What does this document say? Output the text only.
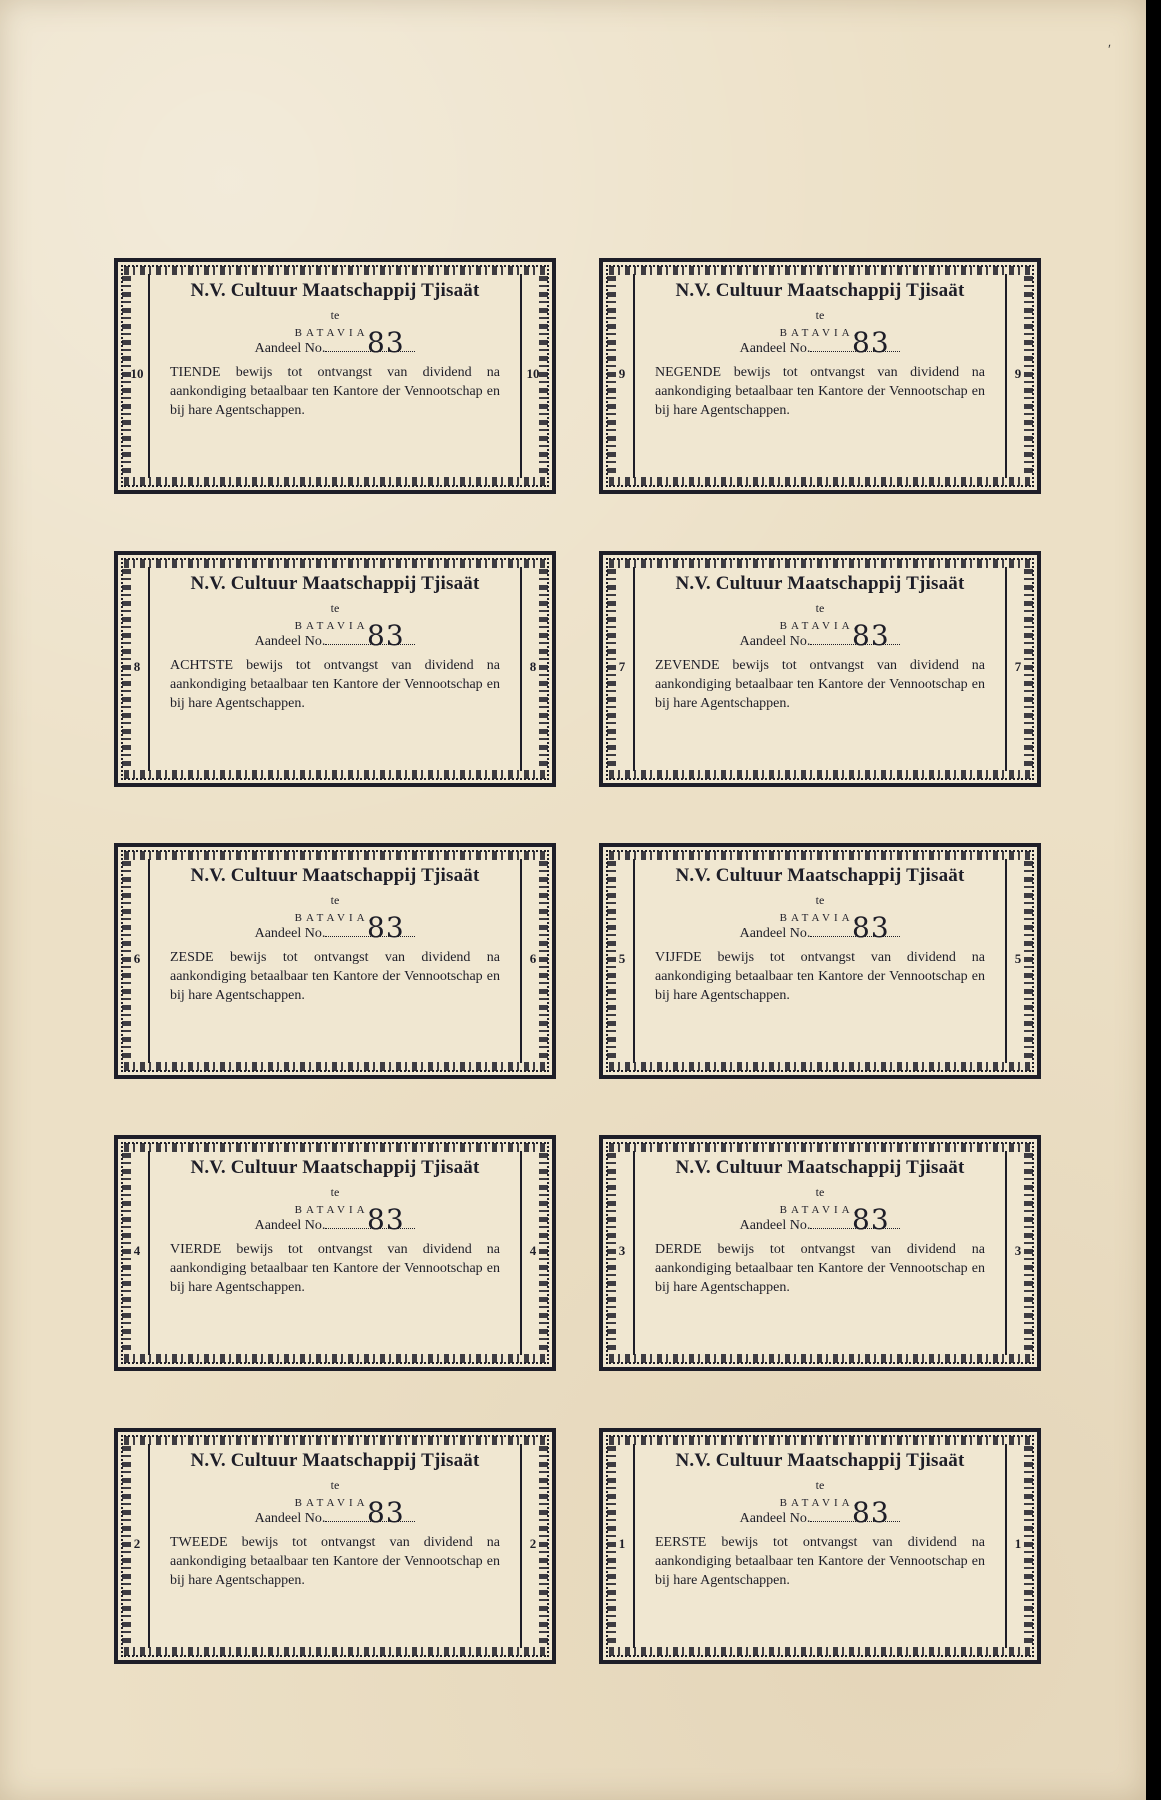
ʹ
10	10
N.V. Cultuur Maatschappij Tjisaät
te
BATAVIA.
Aandeel No. 83
TIENDE bewijs tot ontvangst van dividend na aankondiging betaalbaar ten Kantore der Vennootschap en bij hare Agentschappen.
9	9
N.V. Cultuur Maatschappij Tjisaät
te
BATAVIA.
Aandeel No. 83
NEGENDE bewijs tot ontvangst van dividend na aankondiging betaalbaar ten Kantore der Vennootschap en bij hare Agentschappen.
8	8
N.V. Cultuur Maatschappij Tjisaät
te
BATAVIA.
Aandeel No. 83
ACHTSTE bewijs tot ontvangst van dividend na aankondiging betaalbaar ten Kantore der Vennootschap en bij hare Agentschappen.
7	7
N.V. Cultuur Maatschappij Tjisaät
te
BATAVIA.
Aandeel No. 83
ZEVENDE bewijs tot ontvangst van dividend na aankondiging betaalbaar ten Kantore der Vennootschap en bij hare Agentschappen.
6	6
N.V. Cultuur Maatschappij Tjisaät
te
BATAVIA.
Aandeel No. 83
ZESDE bewijs tot ontvangst van dividend na aankondiging betaalbaar ten Kantore der Vennootschap en bij hare Agentschappen.
5	5
N.V. Cultuur Maatschappij Tjisaät
te
BATAVIA.
Aandeel No. 83
VIJFDE bewijs tot ontvangst van dividend na aankondiging betaalbaar ten Kantore der Vennootschap en bij hare Agentschappen.
4	4
N.V. Cultuur Maatschappij Tjisaät
te
BATAVIA.
Aandeel No. 83
VIERDE bewijs tot ontvangst van dividend na aankondiging betaalbaar ten Kantore der Vennootschap en bij hare Agentschappen.
3	3
N.V. Cultuur Maatschappij Tjisaät
te
BATAVIA.
Aandeel No. 83
DERDE bewijs tot ontvangst van dividend na aankondiging betaalbaar ten Kantore der Vennootschap en bij hare Agentschappen.
2	2
N.V. Cultuur Maatschappij Tjisaät
te
BATAVIA.
Aandeel No. 83
TWEEDE bewijs tot ontvangst van dividend na aankondiging betaalbaar ten Kantore der Vennootschap en bij hare Agentschappen.
1	1
N.V. Cultuur Maatschappij Tjisaät
te
BATAVIA.
Aandeel No. 83
EERSTE bewijs tot ontvangst van dividend na aankondiging betaalbaar ten Kantore der Vennootschap en bij hare Agentschappen.
